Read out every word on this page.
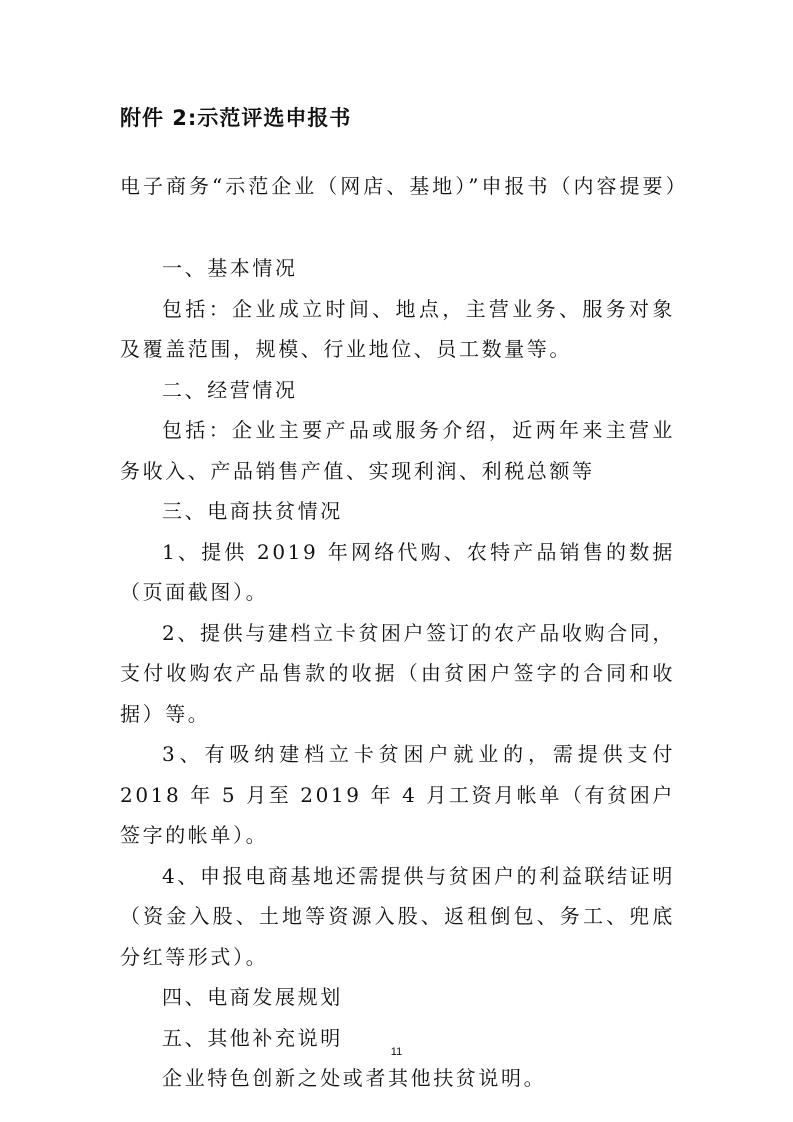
附件 2:示范评选申报书
电子商务“示范企业（网店、基地）”申报书（内容提要）

一、基本情况

包括：企业成立时间、地点，主营业务、服务对象及覆盖范围，规模、行业地位、员工数量等。

二、经营情况

包括：企业主要产品或服务介绍，近两年来主营业务收入、产品销售产值、实现利润、利税总额等

三、电商扶贫情况

1、提供 2019 年网络代购、农特产品销售的数据（页面截图）。

2、提供与建档立卡贫困户签订的农产品收购合同，支付收购农产品售款的收据（由贫困户签字的合同和收据）等。

3、有吸纳建档立卡贫困户就业的，需提供支付 2018 年 5 月至 2019 年 4 月工资月帐单（有贫困户签字的帐单）。

4、申报电商基地还需提供与贫困户的利益联结证明（资金入股、土地等资源入股、返租倒包、务工、兜底分红等形式）。

四、电商发展规划

五、其他补充说明

企业特色创新之处或者其他扶贫说明。

11
